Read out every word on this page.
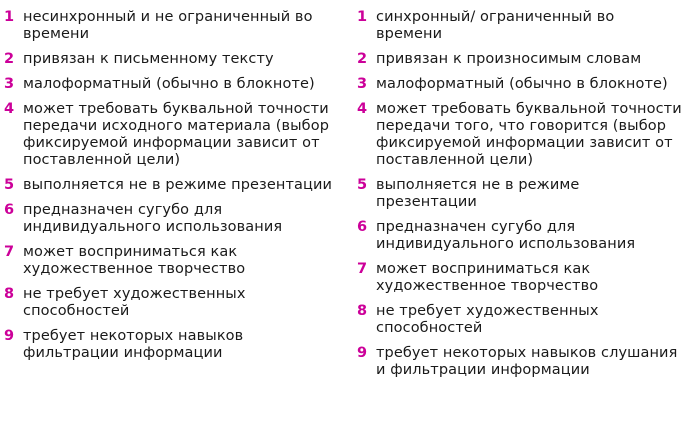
1 несинхронный и не ограниченный во времени
2 привязан к письменному тексту
3 малоформатный (обычно в блокноте)
4 может требовать буквальной точности передачи исходного материала (выбор фиксируемой информации зависит от поставленной цели)
5 выполняется не в режиме презентации
6 предназначен сугубо для индивидуального использования
7 может восприниматься как художественное творчество
8 не требует художественных способностей
9 требует некоторых навыков фильтрации информации
1 синхронный/ ограниченный во времени
2 привязан к произносимым словам
3 малоформатный (обычно в блокноте)
4 может требовать буквальной точности передачи того, что говорится (выбор фиксируемой информации зависит от поставленной цели)
5 выполняется не в режиме презентации
6 предназначен сугубо для индивидуального использования
7 может восприниматься как художественное творчество
8 не требует художественных способностей
9 требует некоторых навыков слушания и фильтрации информации
